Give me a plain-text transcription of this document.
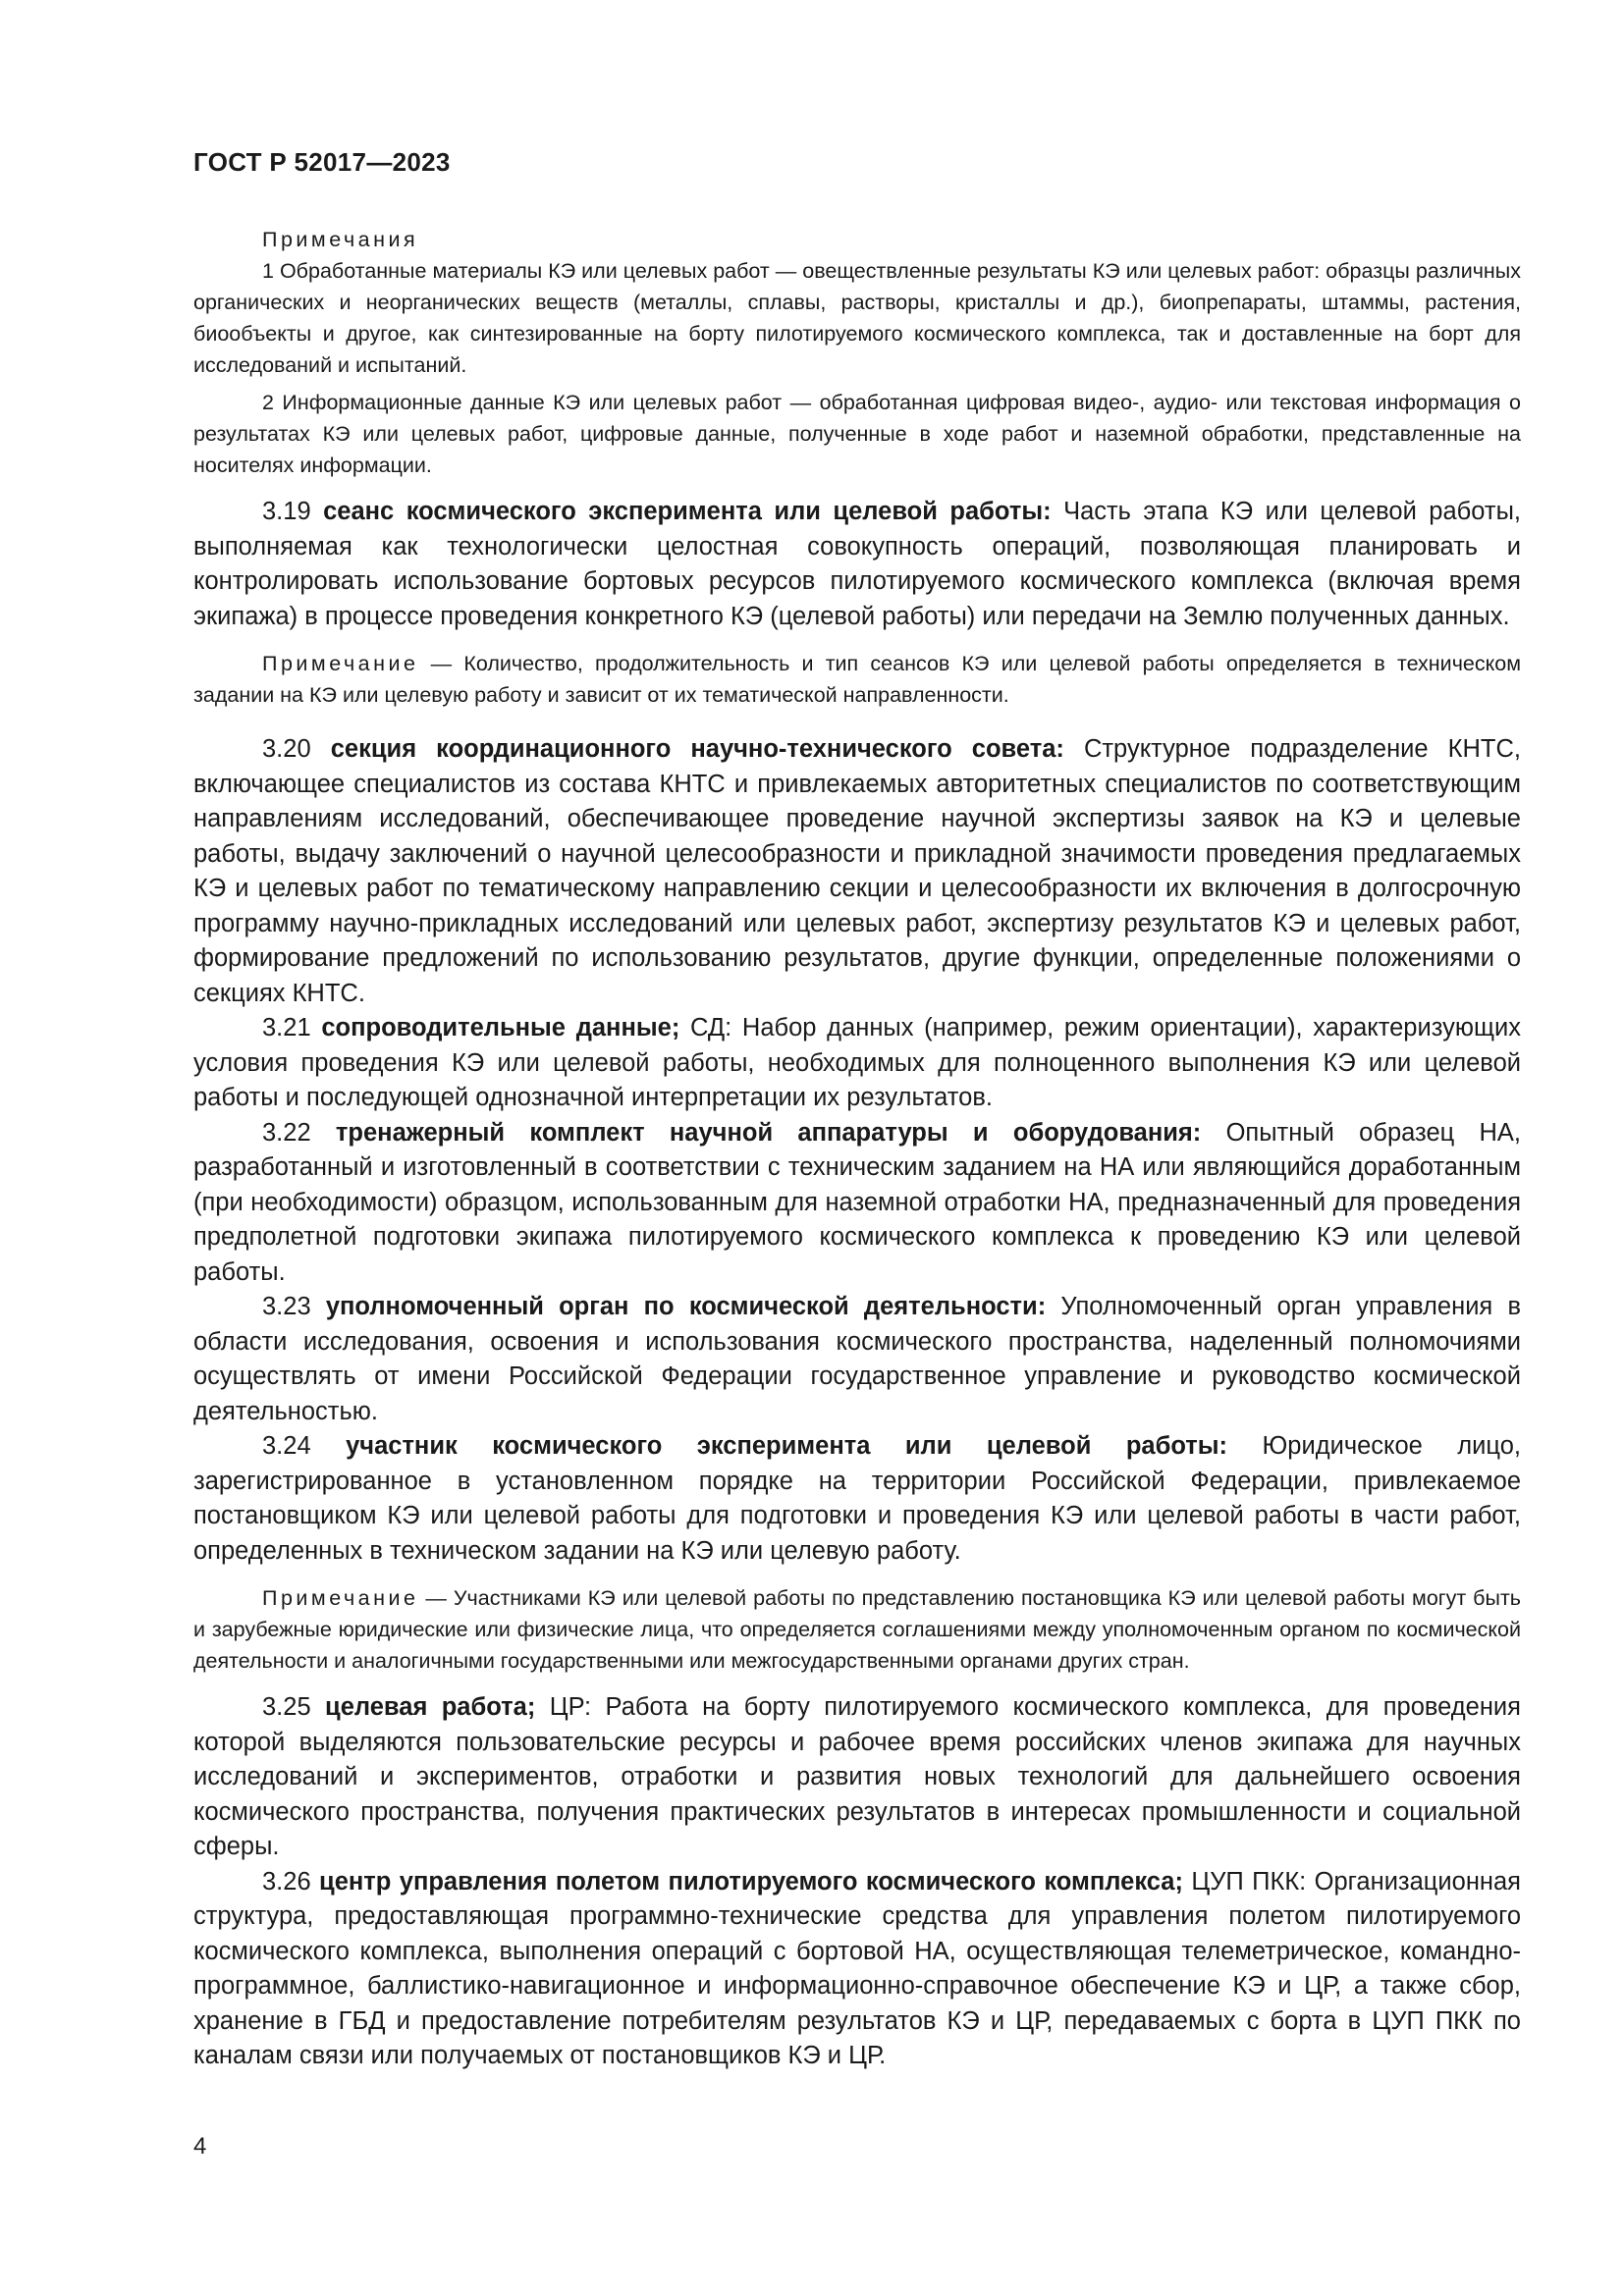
ГОСТ Р 52017—2023

Примечания

1 Обработанные материалы КЭ или целевых работ — овеществленные результаты КЭ или целевых работ: образцы различных органических и неорганических веществ (металлы, сплавы, растворы, кристаллы и др.), биопрепараты, штаммы, растения, биообъекты и другое, как синтезированные на борту пилотируемого космического комплекса, так и доставленные на борт для исследований и испытаний.

2 Информационные данные КЭ или целевых работ — обработанная цифровая видео-, аудио- или текстовая информация о результатах КЭ или целевых работ, цифровые данные, полученные в ходе работ и наземной обработки, представленные на носителях информации.

3.19 сеанс космического эксперимента или целевой работы: Часть этапа КЭ или целевой работы, выполняемая как технологически целостная совокупность операций, позволяющая планировать и контролировать использование бортовых ресурсов пилотируемого космического комплекса (включая время экипажа) в процессе проведения конкретного КЭ (целевой работы) или передачи на Землю полученных данных.

Примечание — Количество, продолжительность и тип сеансов КЭ или целевой работы определяется в техническом задании на КЭ или целевую работу и зависит от их тематической направленности.

3.20 секция координационного научно-технического совета: Структурное подразделение КНТС, включающее специалистов из состава КНТС и привлекаемых авторитетных специалистов по соответствующим направлениям исследований, обеспечивающее проведение научной экспертизы заявок на КЭ и целевые работы, выдачу заключений о научной целесообразности и прикладной значимости проведения предлагаемых КЭ и целевых работ по тематическому направлению секции и целесообразности их включения в долгосрочную программу научно-прикладных исследований или целевых работ, экспертизу результатов КЭ и целевых работ, формирование предложений по использованию результатов, другие функции, определенные положениями о секциях КНТС.

3.21 сопроводительные данные; СД: Набор данных (например, режим ориентации), характеризующих условия проведения КЭ или целевой работы, необходимых для полноценного выполнения КЭ или целевой работы и последующей однозначной интерпретации их результатов.

3.22 тренажерный комплект научной аппаратуры и оборудования: Опытный образец НА, разработанный и изготовленный в соответствии с техническим заданием на НА или являющийся доработанным (при необходимости) образцом, использованным для наземной отработки НА, предназначенный для проведения предполетной подготовки экипажа пилотируемого космического комплекса к проведению КЭ или целевой работы.

3.23 уполномоченный орган по космической деятельности: Уполномоченный орган управления в области исследования, освоения и использования космического пространства, наделенный полномочиями осуществлять от имени Российской Федерации государственное управление и руководство космической деятельностью.

3.24 участник космического эксперимента или целевой работы: Юридическое лицо, зарегистрированное в установленном порядке на территории Российской Федерации, привлекаемое постановщиком КЭ или целевой работы для подготовки и проведения КЭ или целевой работы в части работ, определенных в техническом задании на КЭ или целевую работу.

Примечание — Участниками КЭ или целевой работы по представлению постановщика КЭ или целевой работы могут быть и зарубежные юридические или физические лица, что определяется соглашениями между уполномоченным органом по космической деятельности и аналогичными государственными или межгосударственными органами других стран.

3.25 целевая работа; ЦР: Работа на борту пилотируемого космического комплекса, для проведения которой выделяются пользовательские ресурсы и рабочее время российских членов экипажа для научных исследований и экспериментов, отработки и развития новых технологий для дальнейшего освоения космического пространства, получения практических результатов в интересах промышленности и социальной сферы.

3.26 центр управления полетом пилотируемого космического комплекса; ЦУП ПКК: Организационная структура, предоставляющая программно-технические средства для управления полетом пилотируемого космического комплекса, выполнения операций с бортовой НА, осуществляющая телеметрическое, командно-программное, баллистико-навигационное и информационно-справочное обеспечение КЭ и ЦР, а также сбор, хранение в ГБД и предоставление потребителям результатов КЭ и ЦР, передаваемых с борта в ЦУП ПКК по каналам связи или получаемых от постановщиков КЭ и ЦР.

4
